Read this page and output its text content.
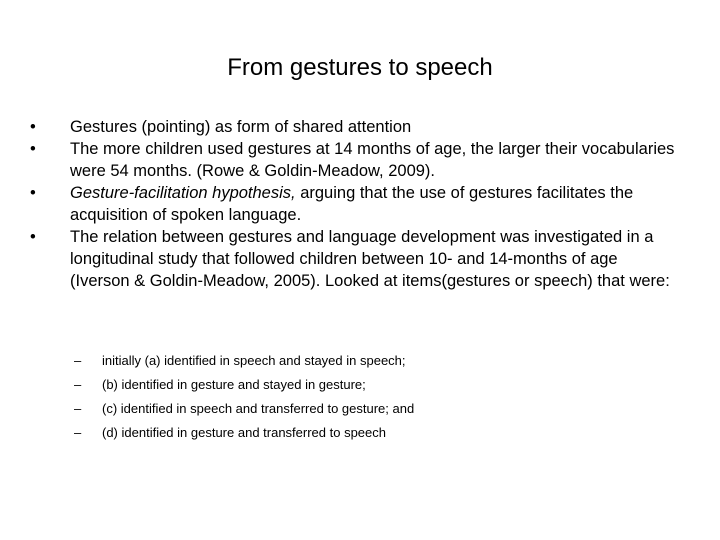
From gestures to speech
•	Gestures (pointing) as form of shared attention
•	The more children used gestures at 14 months of age, the larger their vocabularies were 54 months. (Rowe & Goldin-Meadow, 2009).
•	Gesture-facilitation hypothesis, arguing that the use of gestures facilitates the acquisition of spoken language.
•	The relation between gestures and language development was investigated in a longitudinal study that followed children between 10- and 14-months of age (Iverson & Goldin-Meadow, 2005). Looked at items(gestures or speech) that were:
– initially (a) identified in speech and stayed in speech;
– (b) identified in gesture and stayed in gesture;
– (c) identified in speech and transferred to gesture; and
– (d) identified in gesture and transferred to speech
